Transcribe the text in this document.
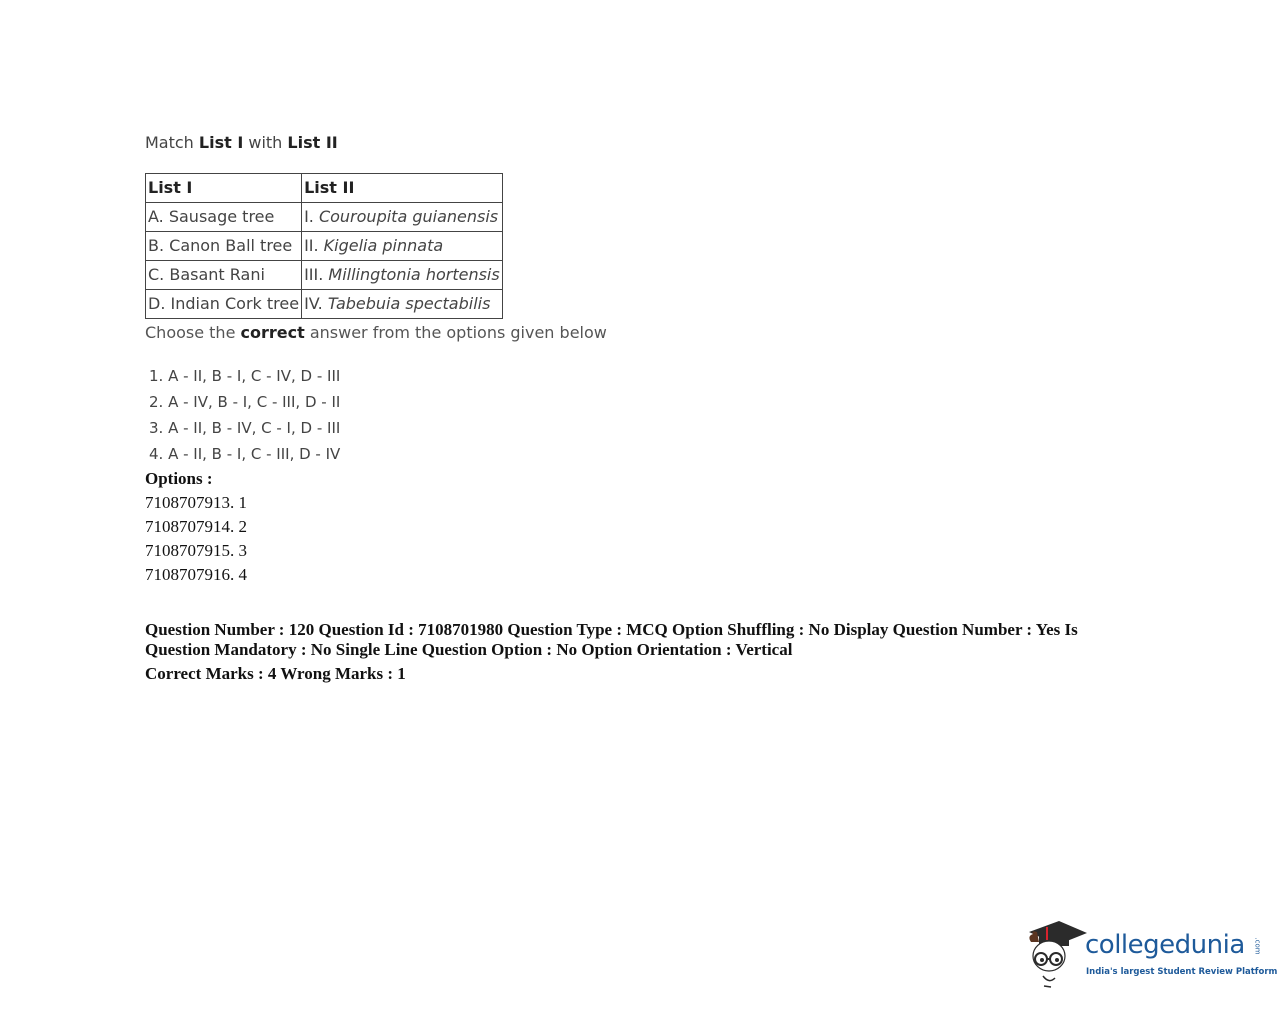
Match List I with List II

List I	List II
A. Sausage tree	I. Couroupita guianensis
B. Canon Ball tree	II. Kigelia pinnata
C. Basant Rani	III. Millingtonia hortensis
D. Indian Cork tree	IV. Tabebuia spectabilis

Choose the correct answer from the options given below

1. A - II, B - I, C - IV, D - III
2. A - IV, B - I, C - III, D - II
3. A - II, B - IV, C - I, D - III
4. A - II, B - I, C - III, D - IV
Options :
7108707913. 1
7108707914. 2
7108707915. 3
7108707916. 4
Question Number : 120 Question Id : 7108701980 Question Type : MCQ Option Shuffling : No Display Question Number : Yes Is
Question Mandatory : No Single Line Question Option : No Option Orientation : Vertical
Correct Marks : 4 Wrong Marks : 1
collegedunia .com
India's largest Student Review Platform
